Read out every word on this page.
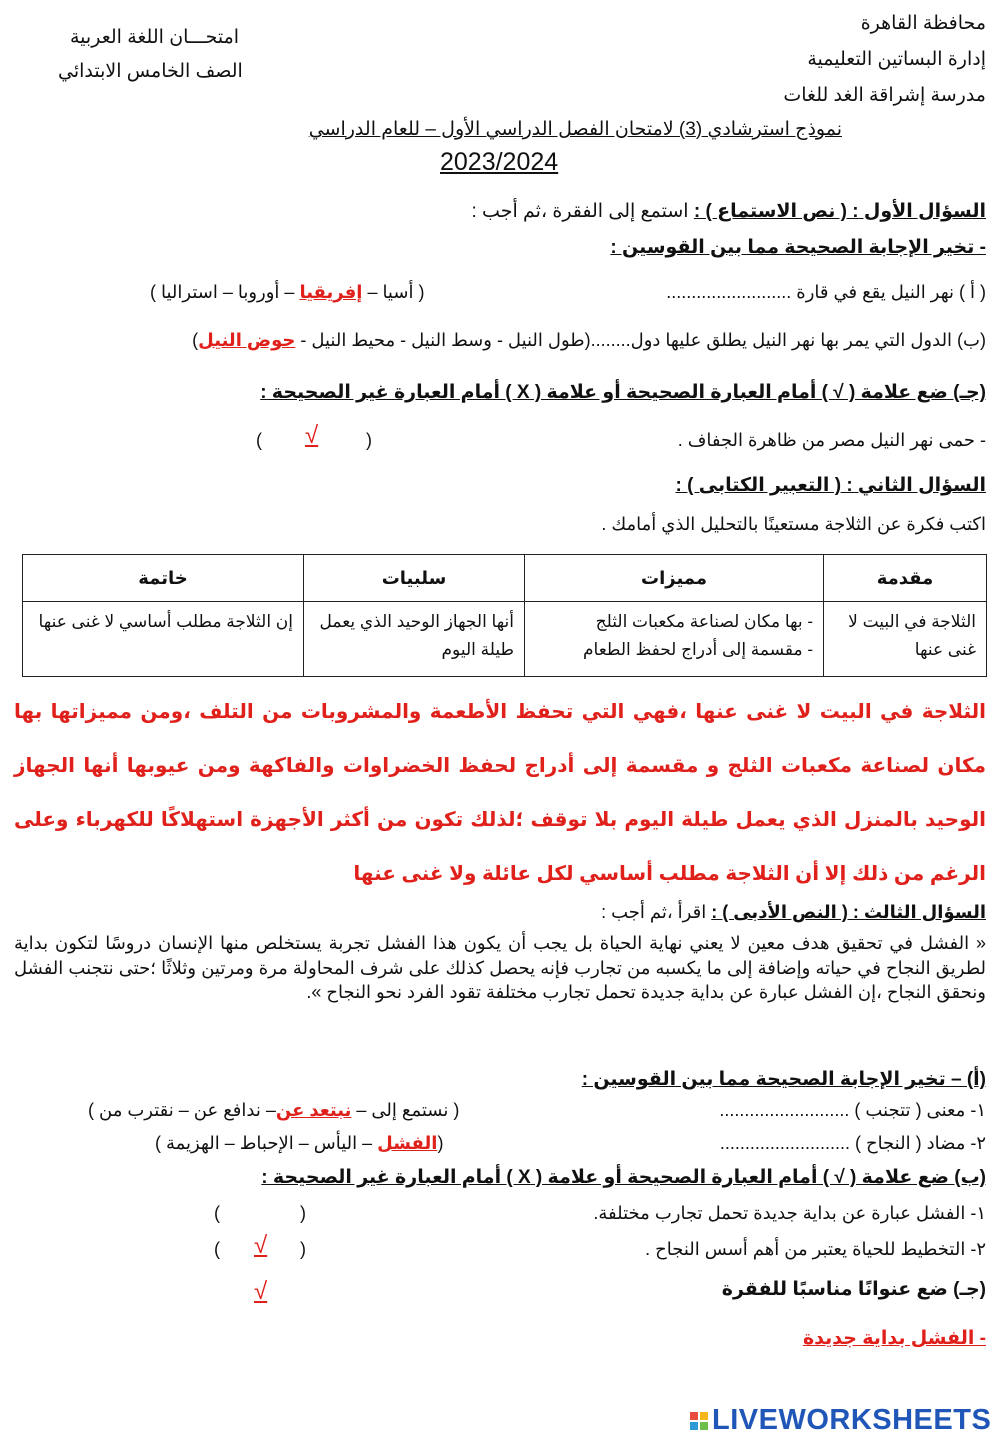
محافظة القاهرة
إدارة البساتين التعليمية
مدرسة إشراقة الغد للغات
امتحـــان اللغة العربية
الصف الخامس الابتدائي
نموذج استرشادي (3) لامتحان الفصل الدراسي الأول – للعام الدراسي
2023/2024
السؤال الأول : ( نص الاستماع ) : استمع إلى الفقرة ،ثم أجب :
- تخير الإجابة الصحيحة مما بين القوسين :
( أ ) نهر النيل يقع في قارة .........................
( أسيا – إفريقيا – أوروبا – استراليا )
(ب) الدول التي يمر بها نهر النيل يطلق عليها دول........(طول النيل - وسط النيل - محيط النيل - حوض النيل)
(جـ) ضع علامة ( √ ) أمام العبارة الصحيحة أو علامة ( X ) أمام العبارة غير الصحيحة :
- حمى نهر النيل مصر من ظاهرة الجفاف .
(
√
)
السؤال الثاني : ( التعبير الكتابى ) :
اكتب فكرة عن الثلاجة مستعينًا بالتحليل الذي أمامك .
مقدمة	مميزات	سلبيات	خاتمة
الثلاجة في البيت لا غنى عنها	- بها مكان لصناعة مكعبات الثلج
- مقسمة إلى أدراج لحفظ الطعام	أنها الجهاز الوحيد الذي يعمل طيلة اليوم	إن الثلاجة مطلب أساسي لا غنى عنها
الثلاجة في البيت لا غنى عنها ،فهي التي تحفظ الأطعمة والمشروبات من التلف ،ومن مميزاتها بها مكان لصناعة مكعبات الثلج و مقسمة إلى أدراج لحفظ الخضراوات والفاكهة ومن عيوبها أنها الجهاز الوحيد بالمنزل الذي يعمل طيلة اليوم بلا توقف ؛لذلك تكون من أكثر الأجهزة استهلاكًا للكهرباء وعلى الرغم من ذلك إلا أن الثلاجة مطلب أساسي لكل عائلة ولا غنى عنها
السؤال الثالث : ( النص الأدبى ) : اقرأ ،ثم أجب :
« الفشل في تحقيق هدف معين لا يعني نهاية الحياة بل يجب أن يكون هذا الفشل تجربة يستخلص منها الإنسان دروسًا لتكون بداية لطريق النجاح في حياته وإضافة إلى ما يكسبه من تجارب فإنه يحصل كذلك على شرف المحاولة مرة ومرتين وثلاثًا ؛حتى نتجنب الفشل ونحقق النجاح ،إن الفشل عبارة عن بداية جديدة تحمل تجارب مختلفة تقود الفرد نحو النجاح ».
(أ) – تخير الإجابة الصحيحة مما بين القوسين :
١- معنى ( تتجنب ) ..........................
( نستمع إلى – نبتعد عن– ندافع عن – نقترب من )
٢- مضاد ( النجاح ) ..........................
(الفشل – اليأس – الإحباط – الهزيمة )
(ب) ضع علامة ( √ ) أمام العبارة الصحيحة أو علامة ( X ) أمام العبارة غير الصحيحة :
١- الفشل عبارة عن بداية جديدة تحمل تجارب مختلفة.
(
)
٢- التخطيط للحياة يعتبر من أهم أسس النجاح .
(
√
)
√	(جـ) ضع عنوانًا مناسبًا للفقرة
- الفشل بداية جديدة
LIVEWORKSHEETS
